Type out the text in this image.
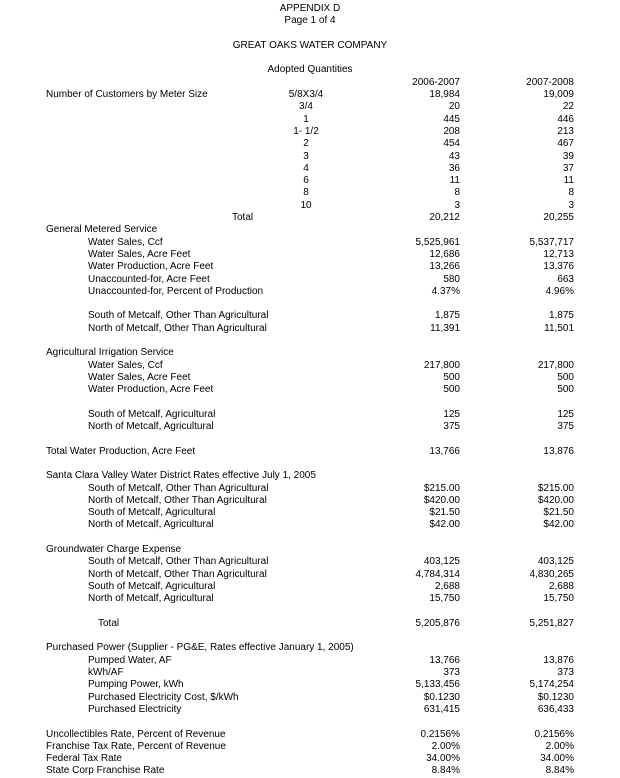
APPENDIX D
Page 1 of 4
GREAT OAKS WATER COMPANY
Adopted Quantities
2006-2007	2007-2008
Number of Customers by Meter Size	5/8X3/4	18,984	19,009
3/4	20	22
1	445	446
1- 1/2	208	213
2	454	467
3	43	39
4	36	37
6	11	11
8	8	8
10	3	3
Total	20,212	20,255
General Metered Service
Water Sales, Ccf	5,525,961	5,537,717
Water Sales, Acre Feet	12,686	12,713
Water Production, Acre Feet	13,266	13,376
Unaccounted-for, Acre Feet	580	663
Unaccounted-for, Percent of Production	4.37%	4.96%
South of Metcalf, Other Than Agricultural	1,875	1,875
North of Metcalf, Other Than Agricultural	11,391	11,501
Agricultural Irrigation Service
Water Sales, Ccf	217,800	217,800
Water Sales, Acre Feet	500	500
Water Production, Acre Feet	500	500
South of Metcalf, Agricultural	125	125
North of Metcalf, Agricultural	375	375
Total Water Production, Acre Feet	13,766	13,876
Santa Clara Valley Water District Rates effective July 1, 2005
South of Metcalf, Other Than Agricultural	$215.00	$215.00
North of Metcalf, Other Than Agricultural	$420.00	$420.00
South of Metcalf, Agricultural	$21.50	$21.50
North of Metcalf, Agricultural	$42.00	$42.00
Groundwater Charge Expense
South of Metcalf, Other Than Agricultural	403,125	403,125
North of Metcalf, Other Than Agricultural	4,784,314	4,830,265
South of Metcalf, Agricultural	2,688	2,688
North of Metcalf, Agricultural	15,750	15,750
Total	5,205,876	5,251,827
Purchased Power (Supplier - PG&E, Rates effective January 1, 2005)
Pumped Water, AF	13,766	13,876
kWh/AF	373	373
Pumping Power, kWh	5,133,456	5,174,254
Purchased Electricity Cost, $/kWh	$0.1230	$0.1230
Purchased Electricity	631,415	636,433
Uncollectibles Rate, Percent of Revenue	0.2156%	0.2156%
Franchise Tax Rate, Percent of Revenue	2.00%	2.00%
Federal Tax Rate	34.00%	34.00%
State Corp Franchise Rate	8.84%	8.84%
